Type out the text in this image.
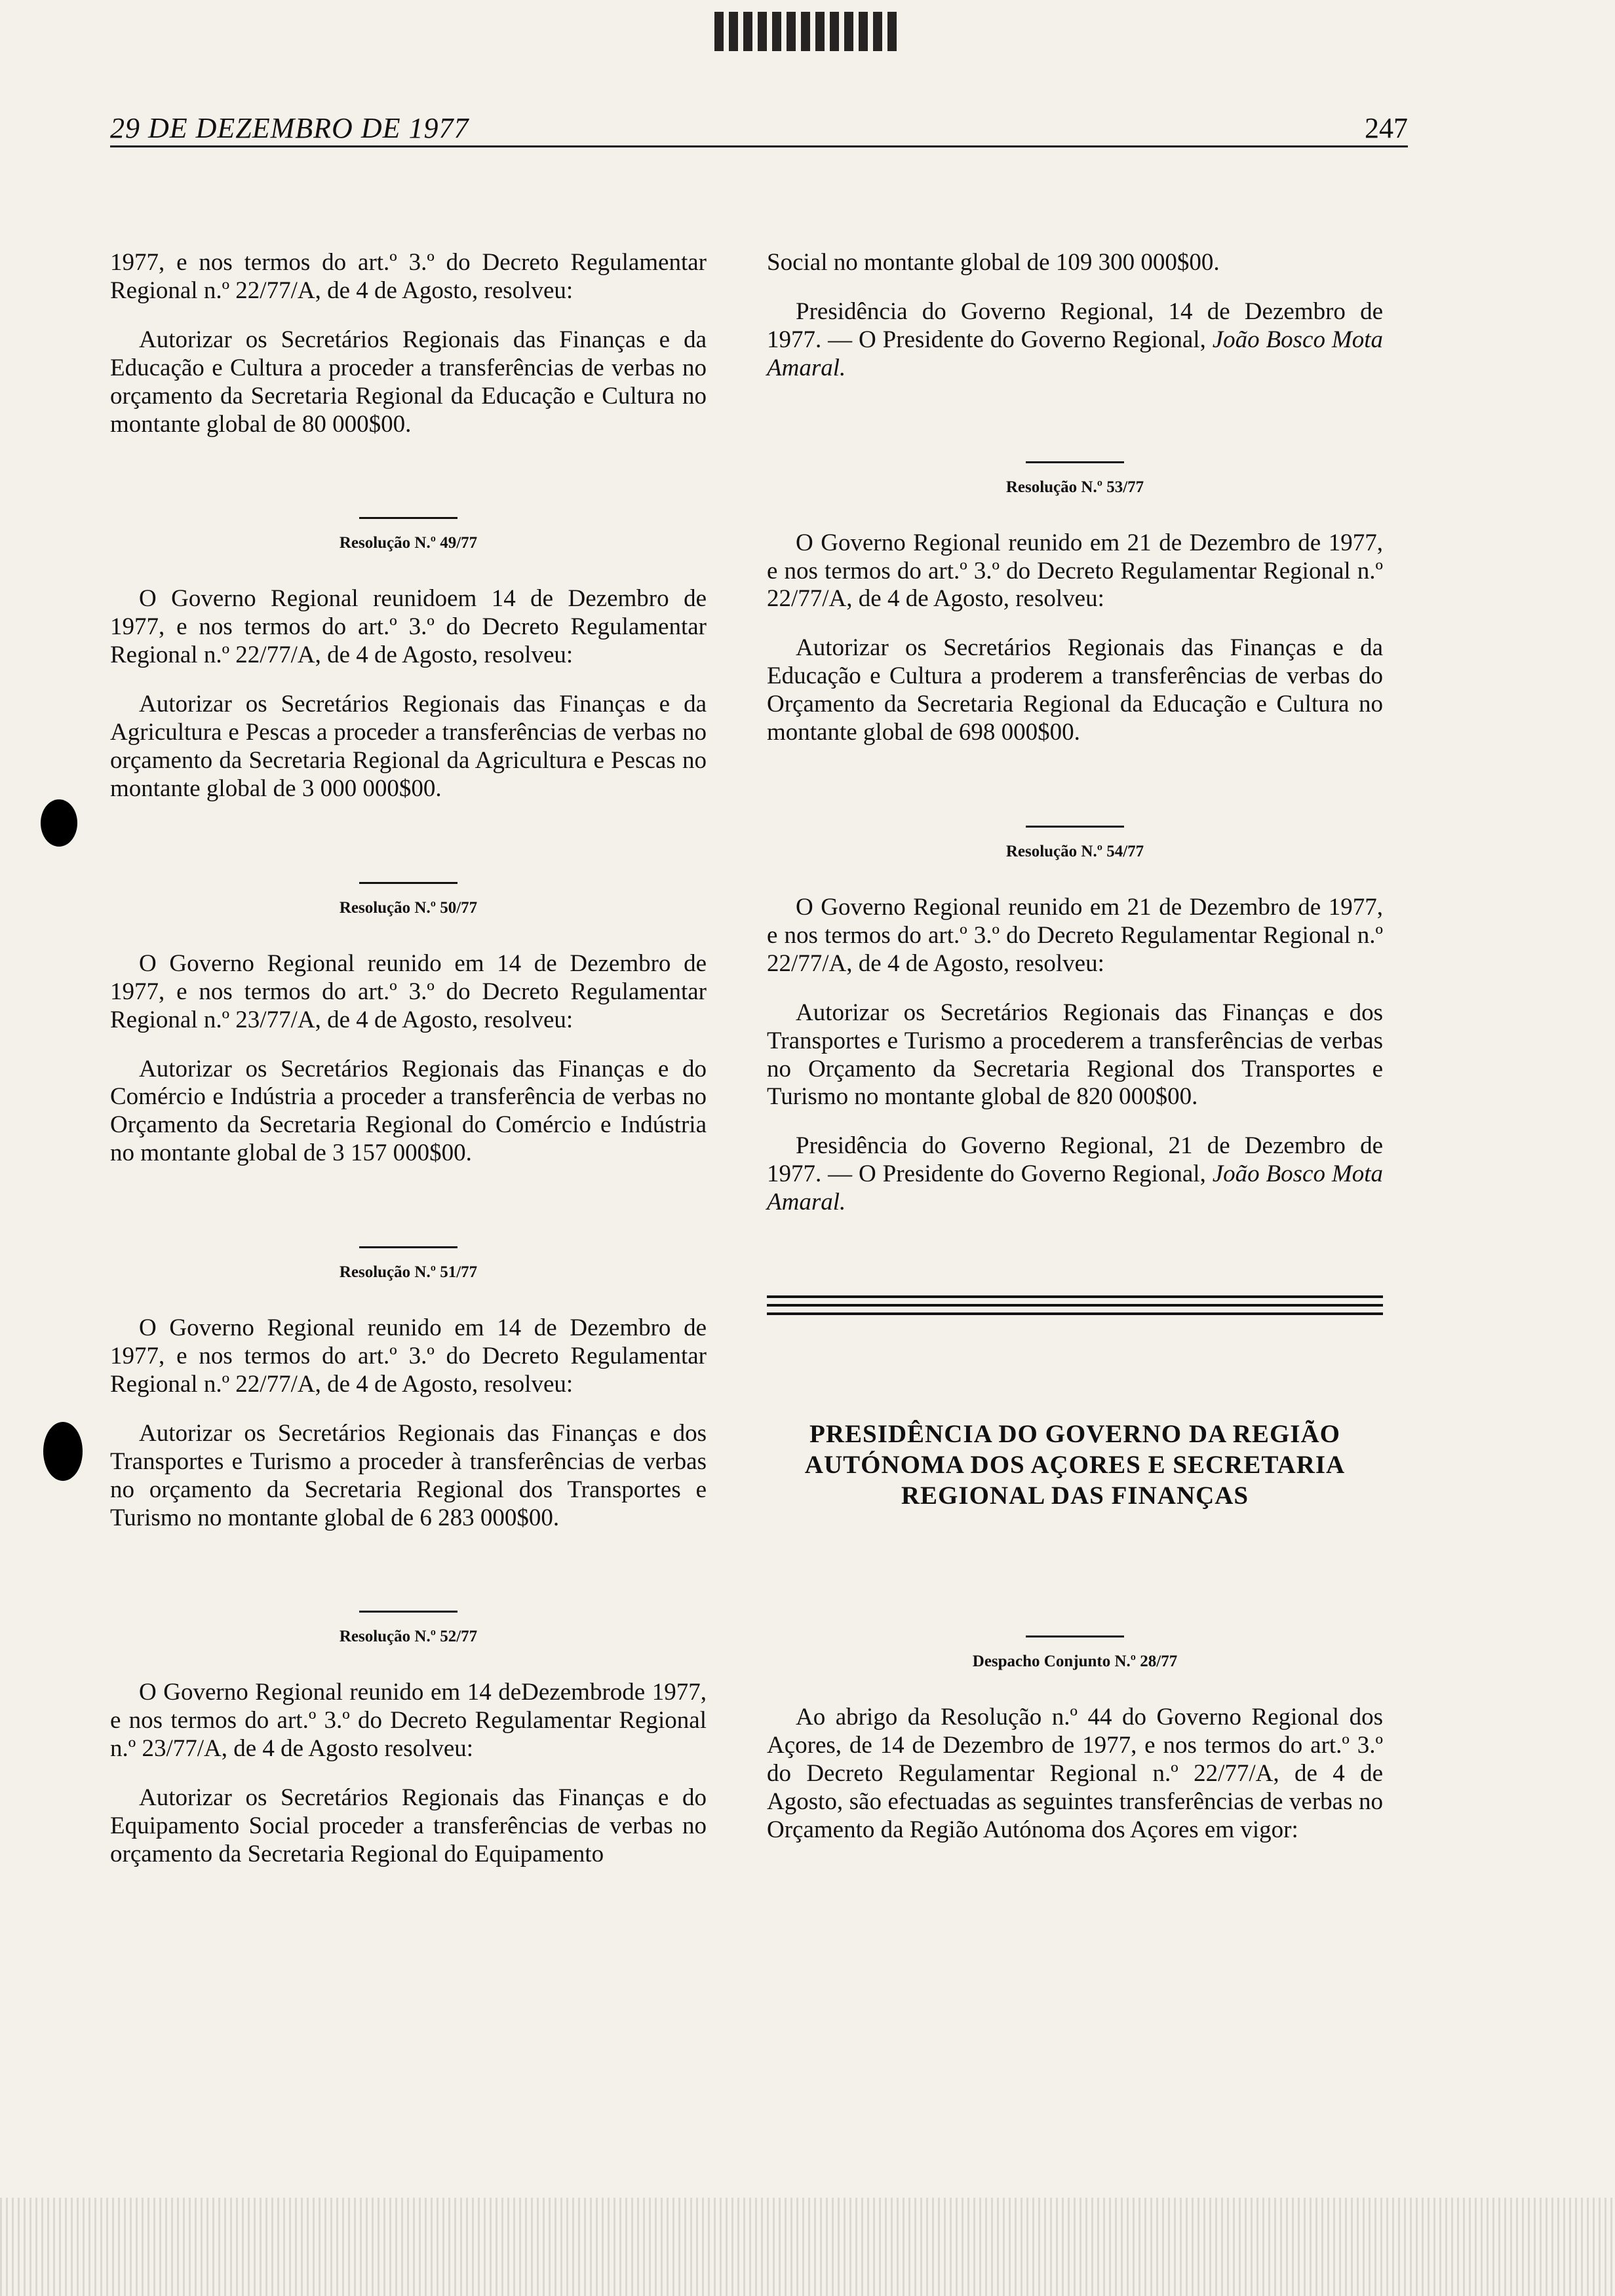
29 DE DEZEMBRO DE 1977	247

1977, e nos termos do art.º 3.º do Decreto Regulamentar Regional n.º 22/77/A, de 4 de Agosto, resolveu:

Autorizar os Secretários Regionais das Finanças e da Educação e Cultura a proceder a transferências de verbas no orçamento da Secretaria Regional da Educação e Cultura no montante global de 80 000$00.

Resolução N.º 49/77

O Governo Regional reunidoem 14 de Dezembro de 1977, e nos termos do art.º 3.º do Decreto Regulamentar Regional n.º 22/77/A, de 4 de Agosto, resolveu:

Autorizar os Secretários Regionais das Finanças e da Agricultura e Pescas a proceder a transferências de verbas no orçamento da Secretaria Regional da Agricultura e Pescas no montante global de 3 000 000$00.

Resolução N.º 50/77

O Governo Regional reunido em 14 de Dezembro de 1977, e nos termos do art.º 3.º do Decreto Regulamentar Regional n.º 23/77/A, de 4 de Agosto, resolveu:

Autorizar os Secretários Regionais das Finanças e do Comércio e Indústria a proceder a transferência de verbas no Orçamento da Secretaria Regional do Comércio e Indústria no montante global de 3 157 000$00.

Resolução N.º 51/77

O Governo Regional reunido em 14 de Dezembro de 1977, e nos termos do art.º 3.º do Decreto Regulamentar Regional n.º 22/77/A, de 4 de Agosto, resolveu:

Autorizar os Secretários Regionais das Finanças e dos Transportes e Turismo a proceder à transferências de verbas no orçamento da Secretaria Regional dos Transportes e Turismo no montante global de 6 283 000$00.

Resolução N.º 52/77

O Governo Regional reunido em 14 deDezembrode 1977, e nos termos do art.º 3.º do Decreto Regulamentar Regional n.º 23/77/A, de 4 de Agosto resolveu:

Autorizar os Secretários Regionais das Finanças e do Equipamento Social proceder a transferências de verbas no orçamento da Secretaria Regional do Equipamento

Social no montante global de 109 300 000$00.

Presidência do Governo Regional, 14 de Dezembro de 1977. — O Presidente do Governo Regional, João Bosco Mota Amaral.

Resolução N.º 53/77

O Governo Regional reunido em 21 de Dezembro de 1977, e nos termos do art.º 3.º do Decreto Regulamentar Regional n.º 22/77/A, de 4 de Agosto, resolveu:

Autorizar os Secretários Regionais das Finanças e da Educação e Cultura a proderem a transferências de verbas do Orçamento da Secretaria Regional da Educação e Cultura no montante global de 698 000$00.

Resolução N.º 54/77

O Governo Regional reunido em 21 de Dezembro de 1977, e nos termos do art.º 3.º do Decreto Regulamentar Regional n.º 22/77/A, de 4 de Agosto, resolveu:

Autorizar os Secretários Regionais das Finanças e dos Transportes e Turismo a procederem a transferências de verbas no Orçamento da Secretaria Regional dos Transportes e Turismo no montante global de 820 000$00.

Presidência do Governo Regional, 21 de Dezembro de 1977. — O Presidente do Governo Regional, João Bosco Mota Amaral.

PRESIDÊNCIA DO GOVERNO DA REGIÃO AUTÓNOMA DOS AÇORES E SECRETARIA REGIONAL DAS FINANÇAS

Despacho Conjunto N.º 28/77

Ao abrigo da Resolução n.º 44 do Governo Regional dos Açores, de 14 de Dezembro de 1977, e nos termos do art.º 3.º do Decreto Regulamentar Regional n.º 22/77/A, de 4 de Agosto, são efectuadas as seguintes transferências de verbas no Orçamento da Região Autónoma dos Açores em vigor:
